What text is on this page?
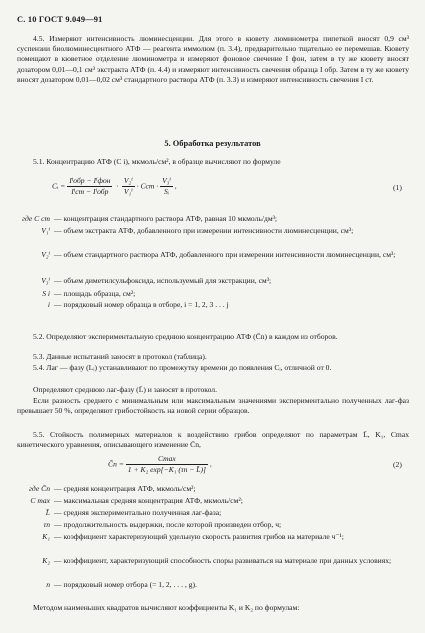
С. 10 ГОСТ 9.049—91
4.5. Измеряют интенсивность люминесценции. Для этого в кювету люминометра пипеткой вносят 0,9 см³ суспензии биолюминесцентного АТФ — реагента иммолюм (п. 3.4), предварительно тщательно ее перемешав. Кювету помещают в кюветное отделение люминометра и измеряют фоновое свечение I фон, затем в ту же кювету вносят дозатором 0,01—0,1 см³ экстракта АТФ (п. 4.4) и измеряют интенсивность свечения образца I обр. Затем в ту же кювету вносят дозатором 0,01—0,02 см³ стандартного раствора АТФ (п. 3.3) и измеряют интенсивность свечения I ст.
5. Обработка результатов
5.1. Концентрацию АТФ (C i), мкмоль/см², в образце вычисляют по формуле
Cᵢ = $\frac{\text{Iⁱобр − Iⁱфон}}{\text{Iⁱст − Iⁱобр}} \cdot \frac{\text{V₂ⁱ}}{\text{V₁ⁱ}}$ · Cст · $\frac{\text{V₃ⁱ}}{\text{Sᵢ}}$ ,	(1)
где C ст — концентрация стандартного раствора АТФ, равная 10 мкмоль/дм³;
V₁ⁱ — объем экстракта АТФ, добавленного при измерении интенсивности люминесценции, см³;
V₂ⁱ — объем стандартного раствора АТФ, добавленного при измерении интенсивности люминесценции, см³;
V₃ⁱ — объем диметилсульфоксида, используемый для экстракции, см³;
S i — площадь образца, см²;
i — порядковый номер образца в отборе, i = 1, 2, 3 . . . j
5.2. Определяют экспериментальную среднюю концентрацию АТФ (C̄n) в каждом из отборов.
5.3. Данные испытаний заносят в протокол (таблица).
5.4. Лаг — фазу (Lᵢ) устанавливают по промежутку времени до появления Cᵢ, отличной от 0.
Определяют среднюю лаг-фазу (L̄) и заносят в протокол.
Если разность среднего с минимальным или максимальным значениями экспериментально полученных лаг-фаз превышает 50 %, определяют грибостойкость на новой серии образцов.
5.5. Стойкость полимерных материалов к воздействию грибов определяют по параметрам L̄, K₁, Cmax кинетического уравнения, описывающего изменение C̄n,
C̄n = $\frac{Cmax}{\text{1 + K₂ exp[−K₁ (τn − L̄)]}}$ ,	(2)
где C̄n — средняя концентрация АТФ, мкмоль/см²;
C max — максимальная средняя концентрация АТФ, мкмоль/см²;
L̄ — средняя экспериментально полученная лаг-фаза;
τn — продолжительность выдержки, после которой произведен отбор, ч;
K₁ — коэффициент характеризующий удельную скорость развития грибов на материале ч⁻¹;
K₂ — коэффициент, характеризующий способность споры развиваться на материале при данных условиях;
n — порядковый номер отбора (= 1, 2, . . . , g).
Методом наименьших квадратов вычисляют коэффициенты K₁ и K₂ по формулам:
